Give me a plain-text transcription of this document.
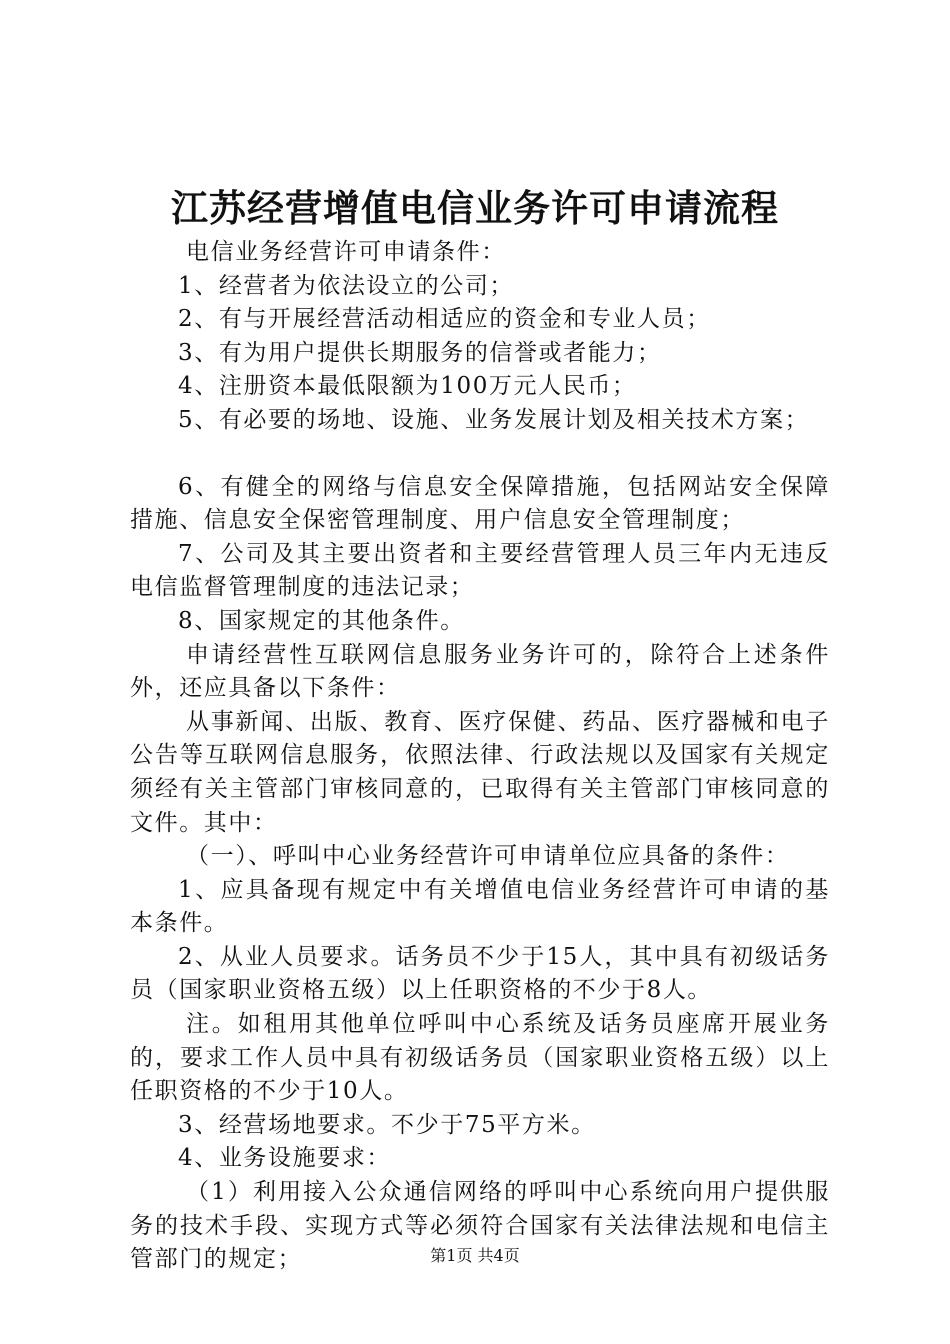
江苏经营增值电信业务许可申请流程

电信业务经营许可申请条件：

1、经营者为依法设立的公司；

2、有与开展经营活动相适应的资金和专业人员；

3、有为用户提供长期服务的信誉或者能力；

4、注册资本最低限额为100万元人民币；

5、有必要的场地、设施、业务发展计划及相关技术方案；

6、有健全的网络与信息安全保障措施，包括网站安全保障措施、信息安全保密管理制度、用户信息安全管理制度；

7、公司及其主要出资者和主要经营管理人员三年内无违反电信监督管理制度的违法记录；

8、国家规定的其他条件。

申请经营性互联网信息服务业务许可的，除符合上述条件外，还应具备以下条件：

从事新闻、出版、教育、医疗保健、药品、医疗器械和电子公告等互联网信息服务，依照法律、行政法规以及国家有关规定须经有关主管部门审核同意的，已取得有关主管部门审核同意的文件。其中：

（一）、呼叫中心业务经营许可申请单位应具备的条件：

1、应具备现有规定中有关增值电信业务经营许可申请的基本条件。

2、从业人员要求。话务员不少于15人，其中具有初级话务员（国家职业资格五级）以上任职资格的不少于8人。

注。如租用其他单位呼叫中心系统及话务员座席开展业务的，要求工作人员中具有初级话务员（国家职业资格五级）以上任职资格的不少于10人。

3、经营场地要求。不少于75平方米。

4、业务设施要求：

（1）利用接入公众通信网络的呼叫中心系统向用户提供服务的技术手段、实现方式等必须符合国家有关法律法规和电信主管部门的规定；	第1页 共4页
